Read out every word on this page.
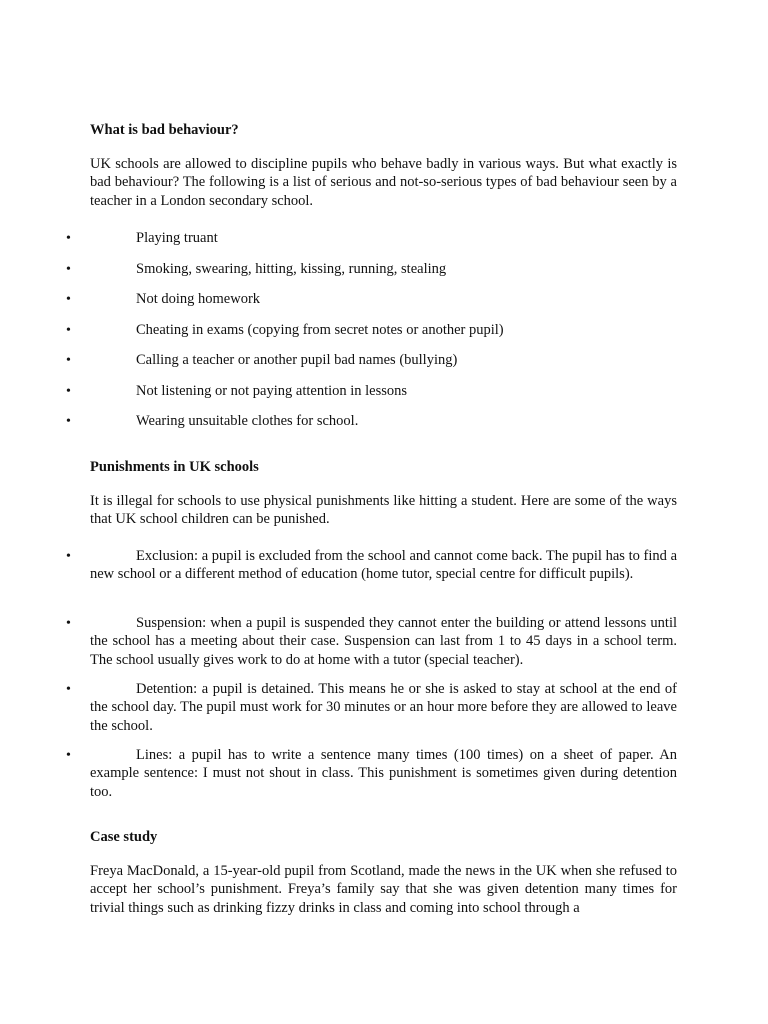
What is bad behaviour?
UK schools are allowed to discipline pupils who behave badly in various ways. But what exactly is bad behaviour? The following is a list of serious and not-so-serious types of bad behaviour seen by a teacher in a London secondary school.
•	Playing truant
•	Smoking, swearing, hitting, kissing, running, stealing
•	Not doing homework
•	Cheating in exams (copying from secret notes or another pupil)
•	Calling a teacher or another pupil bad names (bullying)
•	Not listening or not paying attention in lessons
•	Wearing unsuitable clothes for school.
Punishments in UK schools
It is illegal for schools to use physical punishments like hitting a student. Here are some of the ways that UK school children can be punished.
•	Exclusion: a pupil is excluded from the school and cannot come back. The pupil has to find a new school or a different method of education (home tutor, special centre for difficult pupils).
•	Suspension: when a pupil is suspended they cannot enter the building or attend lessons until the school has a meeting about their case. Suspension can last from 1 to 45 days in a school term. The school usually gives work to do at home with a tutor (special teacher).
•	Detention: a pupil is detained. This means he or she is asked to stay at school at the end of the school day. The pupil must work for 30 minutes or an hour more before they are allowed to leave the school.
•	Lines: a pupil has to write a sentence many times (100 times) on a sheet of paper. An example sentence: I must not shout in class. This punishment is sometimes given during detention too.
Case study
Freya MacDonald, a 15-year-old pupil from Scotland, made the news in the UK when she refused to accept her school’s punishment. Freya’s family say that she was given detention many times for trivial things such as drinking fizzy drinks in class and coming into school through a
